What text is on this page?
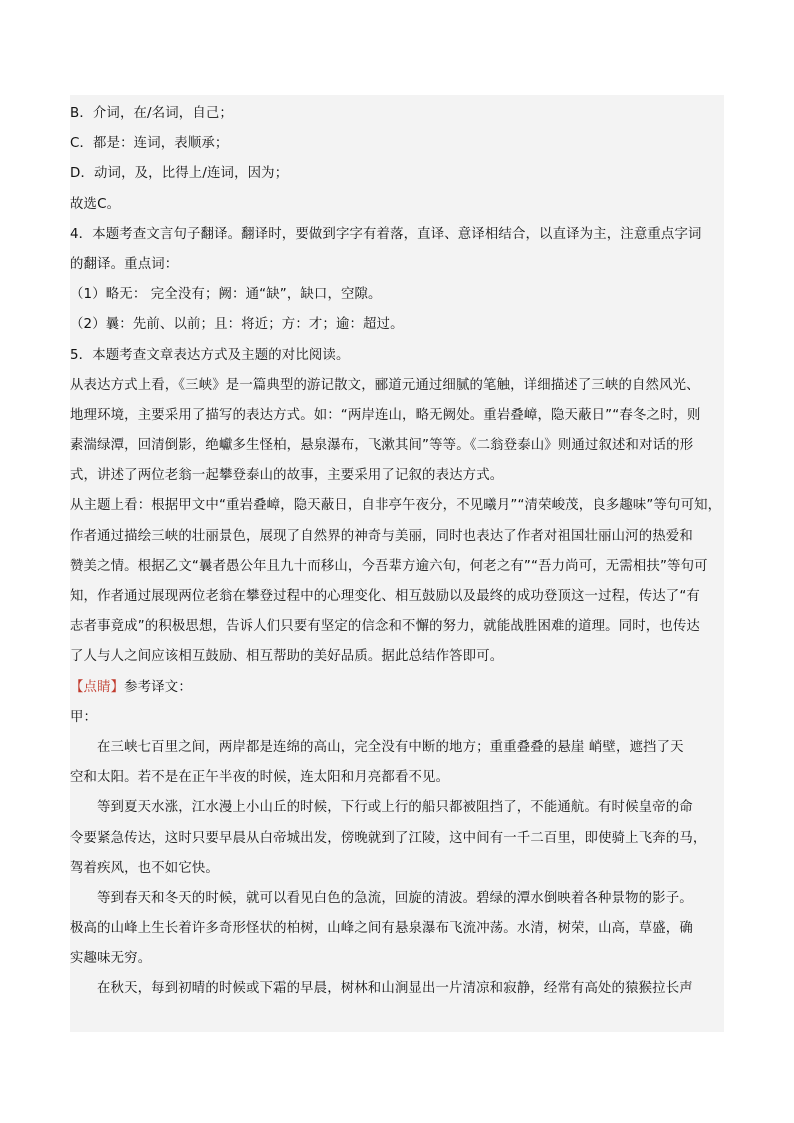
B．介词，在/名词，自己；
C．都是：连词，表顺承；
D．动词，及，比得上/连词，因为；
故选C。
4．本题考查文言句子翻译。翻译时，要做到字字有着落，直译、意译相结合，以直译为主，注意重点字词
的翻译。重点词：
（1）略无： 完全没有；阙：通“缺”，缺口，空隙。
（2）曩：先前、以前；且：将近；方：才；逾：超过。
5．本题考查文章表达方式及主题的对比阅读。
从表达方式上看，《三峡》是一篇典型的游记散文，郦道元通过细腻的笔触，详细描述了三峡的自然风光、
地理环境，主要采用了描写的表达方式。如：“两岸连山，略无阙处。重岩叠嶂，隐天蔽日”“春冬之时，则
素湍绿潭，回清倒影，绝巘多生怪柏，悬泉瀑布，飞漱其间”等等。《二翁登泰山》则通过叙述和对话的形
式，讲述了两位老翁一起攀登泰山的故事，主要采用了记叙的表达方式。
从主题上看：根据甲文中“重岩叠嶂，隐天蔽日，自非亭午夜分，不见曦月”“清荣峻茂，良多趣味”等句可知，
作者通过描绘三峡的壮丽景色，展现了自然界的神奇与美丽，同时也表达了作者对祖国壮丽山河的热爱和
赞美之情。根据乙文“曩者愚公年且九十而移山，今吾辈方逾六旬，何老之有”“吾力尚可，无需相扶”等句可
知，作者通过展现两位老翁在攀登过程中的心理变化、相互鼓励以及最终的成功登顶这一过程，传达了“有
志者事竟成”的积极思想，告诉人们只要有坚定的信念和不懈的努力，就能战胜困难的道理。同时，也传达
了人与人之间应该相互鼓励、相互帮助的美好品质。据此总结作答即可。
【点睛】参考译文：
甲：
在三峡七百里之间，两岸都是连绵的高山，完全没有中断的地方；重重叠叠的悬崖 峭壁，遮挡了天
空和太阳。若不是在正午半夜的时候，连太阳和月亮都看不见。
等到夏天水涨，江水漫上小山丘的时候，下行或上行的船只都被阻挡了，不能通航。有时候皇帝的命
令要紧急传达，这时只要早晨从白帝城出发，傍晚就到了江陵，这中间有一千二百里，即使骑上飞奔的马，
驾着疾风，也不如它快。
等到春天和冬天的时候，就可以看见白色的急流，回旋的清波。碧绿的潭水倒映着各种景物的影子。
极高的山峰上生长着许多奇形怪状的柏树，山峰之间有悬泉瀑布飞流冲荡。水清，树荣，山高，草盛，确
实趣味无穷。
在秋天，每到初晴的时候或下霜的早晨，树林和山涧显出一片清凉和寂静，经常有高处的猿猴拉长声
